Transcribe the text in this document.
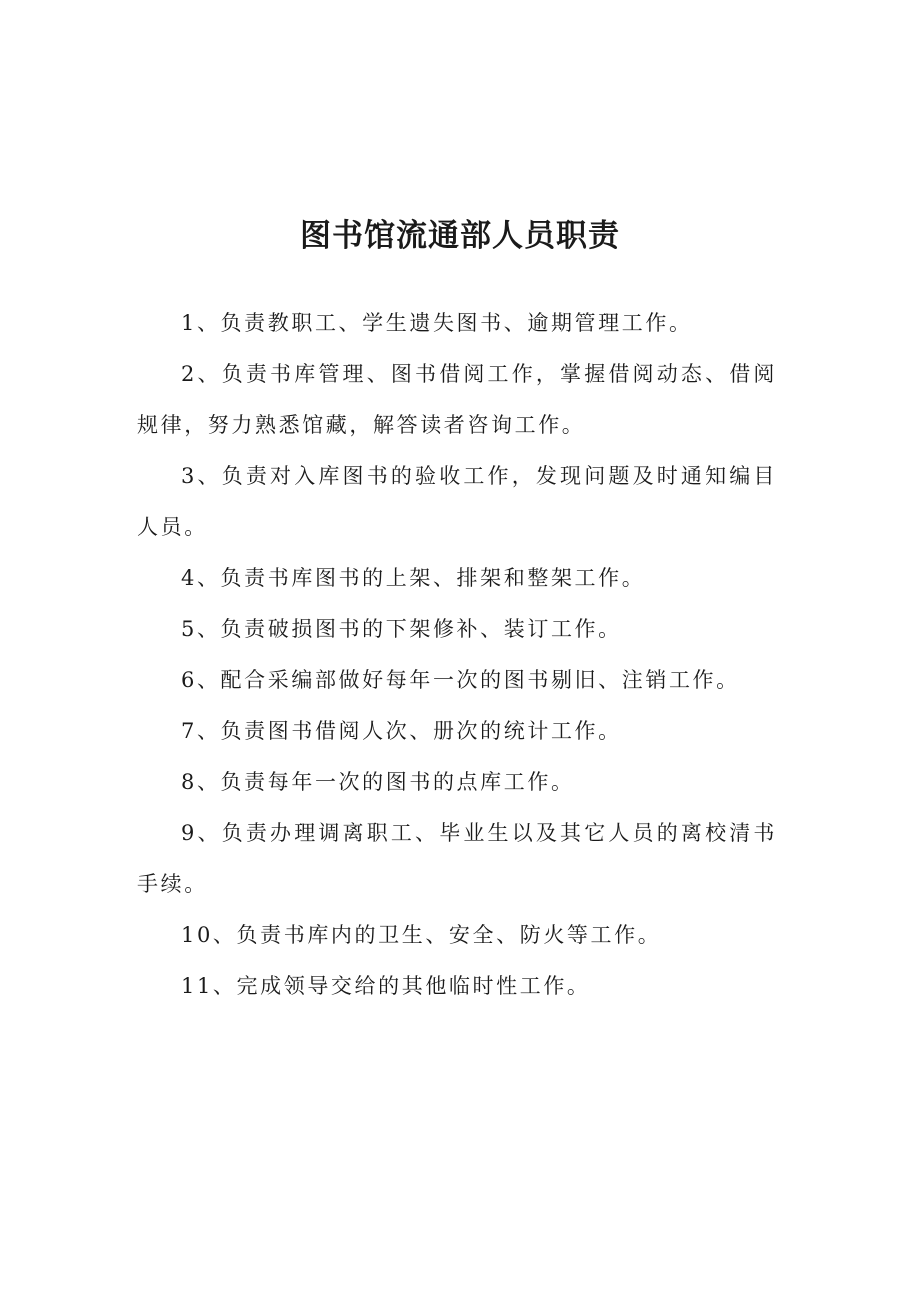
图书馆流通部人员职责

1、负责教职工、学生遗失图书、逾期管理工作。

2、负责书库管理、图书借阅工作，掌握借阅动态、借阅规律，努力熟悉馆藏，解答读者咨询工作。

3、负责对入库图书的验收工作，发现问题及时通知编目人员。

4、负责书库图书的上架、排架和整架工作。

5、负责破损图书的下架修补、装订工作。

6、配合采编部做好每年一次的图书剔旧、注销工作。

7、负责图书借阅人次、册次的统计工作。

8、负责每年一次的图书的点库工作。

9、负责办理调离职工、毕业生以及其它人员的离校清书手续。

10、负责书库内的卫生、安全、防火等工作。

11、完成领导交给的其他临时性工作。
